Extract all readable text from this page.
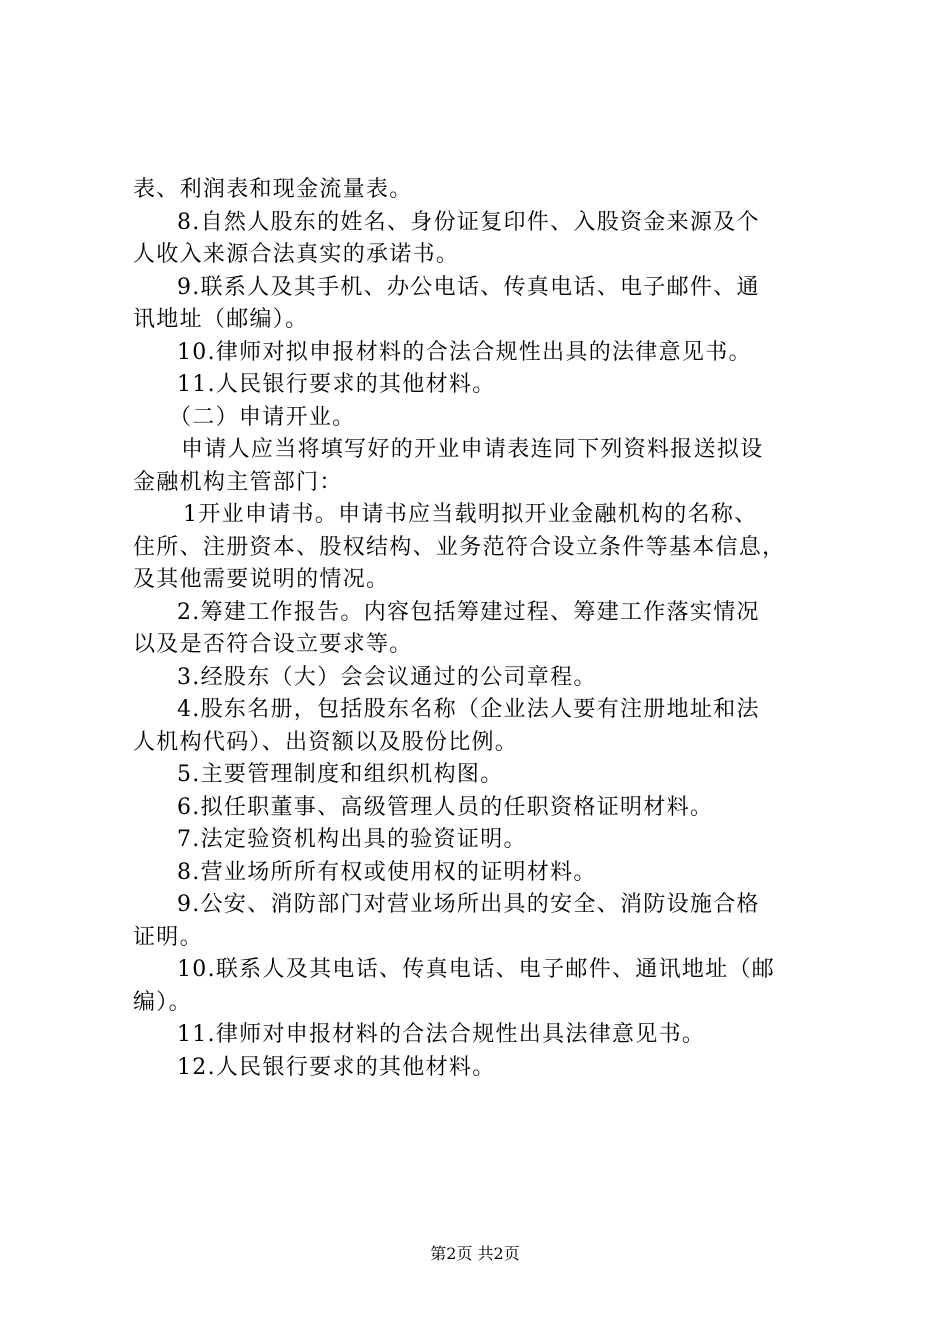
表、利润表和现金流量表。
8.自然人股东的姓名、身份证复印件、入股资金来源及个
人收入来源合法真实的承诺书。
9.联系人及其手机、办公电话、传真电话、电子邮件、通
讯地址（邮编）。
10.律师对拟申报材料的合法合规性出具的法律意见书。
11.人民银行要求的其他材料。
（二）申请开业。
申请人应当将填写好的开业申请表连同下列资料报送拟设
金融机构主管部门：
1开业申请书。申请书应当载明拟开业金融机构的名称、
住所、注册资本、股权结构、业务范符合设立条件等基本信息，
及其他需要说明的情况。
2.筹建工作报告。内容包括筹建过程、筹建工作落实情况
以及是否符合设立要求等。
3.经股东（大）会会议通过的公司章程。
4.股东名册，包括股东名称（企业法人要有注册地址和法
人机构代码）、出资额以及股份比例。
5.主要管理制度和组织机构图。
6.拟任职董事、高级管理人员的任职资格证明材料。
7.法定验资机构出具的验资证明。
8.营业场所所有权或使用权的证明材料。
9.公安、消防部门对营业场所出具的安全、消防设施合格
证明。
10.联系人及其电话、传真电话、电子邮件、通讯地址（邮
编）。
11.律师对申报材料的合法合规性出具法律意见书。
12.人民银行要求的其他材料。
第2页 共2页
